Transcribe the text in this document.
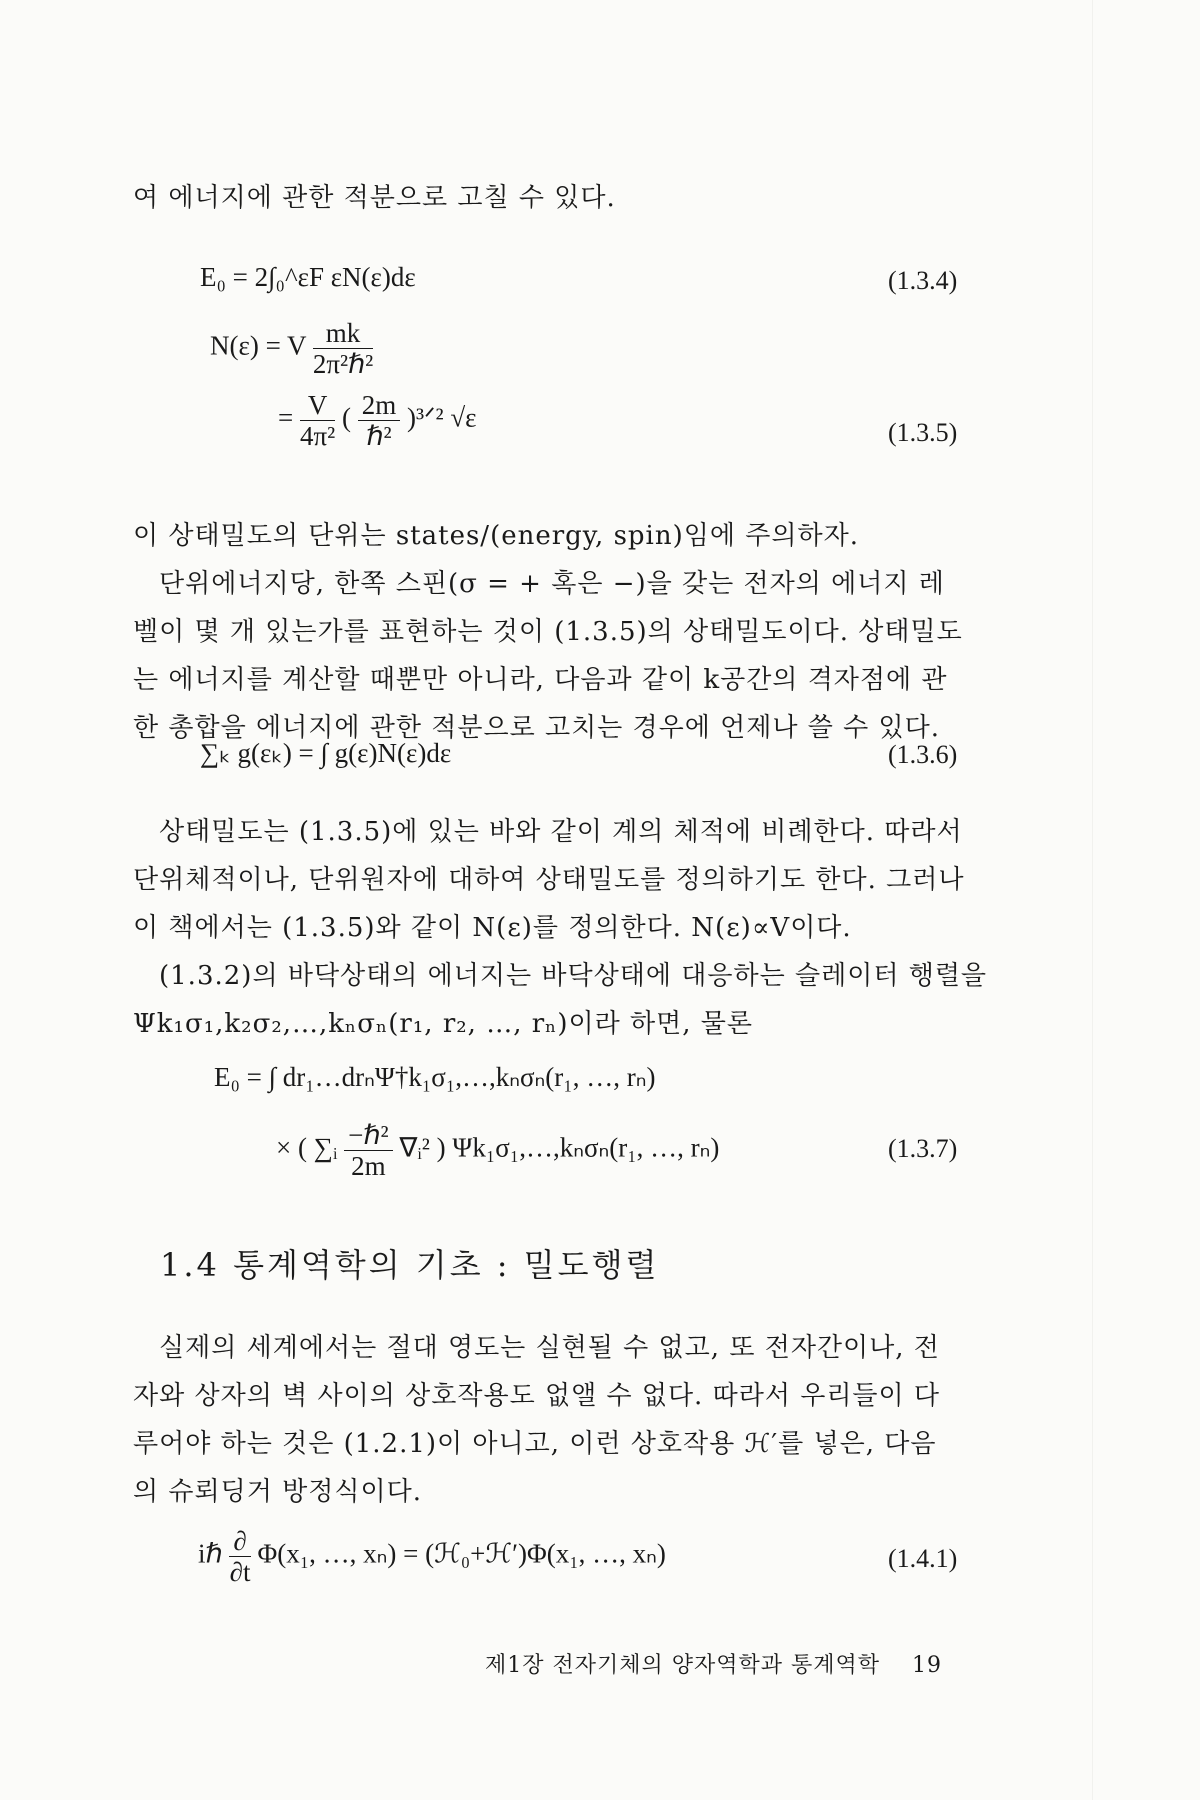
여 에너지에 관한 적분으로 고칠 수 있다.
E₀ = 2∫₀^εF εN(ε)dε	(1.3.4)
N(ε) = V $\frac{mk}{\text{2π²ℏ²}}$
= $\frac{V}{\text{4π²}}$ ( $\frac{2m}{\text{ℏ²}}$ )³ᐟ² √ε	(1.3.5)
이 상태밀도의 단위는 states/(energy, spin)임에 주의하자.
단위에너지당, 한쪽 스핀(σ = + 혹은 −)을 갖는 전자의 에너지 레
벨이 몇 개 있는가를 표현하는 것이 (1.3.5)의 상태밀도이다. 상태밀도
는 에너지를 계산할 때뿐만 아니라, 다음과 같이 k공간의 격자점에 관
한 총합을 에너지에 관한 적분으로 고치는 경우에 언제나 쓸 수 있다.
∑ₖ g(εₖ) = ∫ g(ε)N(ε)dε	(1.3.6)
상태밀도는 (1.3.5)에 있는 바와 같이 계의 체적에 비례한다. 따라서
단위체적이나, 단위원자에 대하여 상태밀도를 정의하기도 한다. 그러나
이 책에서는 (1.3.5)와 같이 N(ε)를 정의한다. N(ε)∝V이다.
(1.3.2)의 바닥상태의 에너지는 바닥상태에 대응하는 슬레이터 행렬을
Ψk₁σ₁,k₂σ₂,…,kₙσₙ(r₁, r₂, …, rₙ)이라 하면, 물론
E₀ = ∫ dr₁…drₙΨ†k₁σ₁,…,kₙσₙ(r₁, …, rₙ)
× ( ∑ᵢ $\frac{\text{−ℏ²}}{2m}$ ∇ᵢ² ) Ψk₁σ₁,…,kₙσₙ(r₁, …, rₙ)	(1.3.7)
1.4 통계역학의 기초 : 밀도행렬
실제의 세계에서는 절대 영도는 실현될 수 없고, 또 전자간이나, 전
자와 상자의 벽 사이의 상호작용도 없앨 수 없다. 따라서 우리들이 다
루어야 하는 것은 (1.2.1)이 아니고, 이런 상호작용 ℋ′를 넣은, 다음
의 슈뢰딩거 방정식이다.
iℏ $\frac{\partial}{\partial t} \Phi(x_1$, …, xₙ) = (ℋ₀+ℋ′)Φ(x₁, …, xₙ)	(1.4.1)
제1장 전자기체의 양자역학과 통계역학 19
